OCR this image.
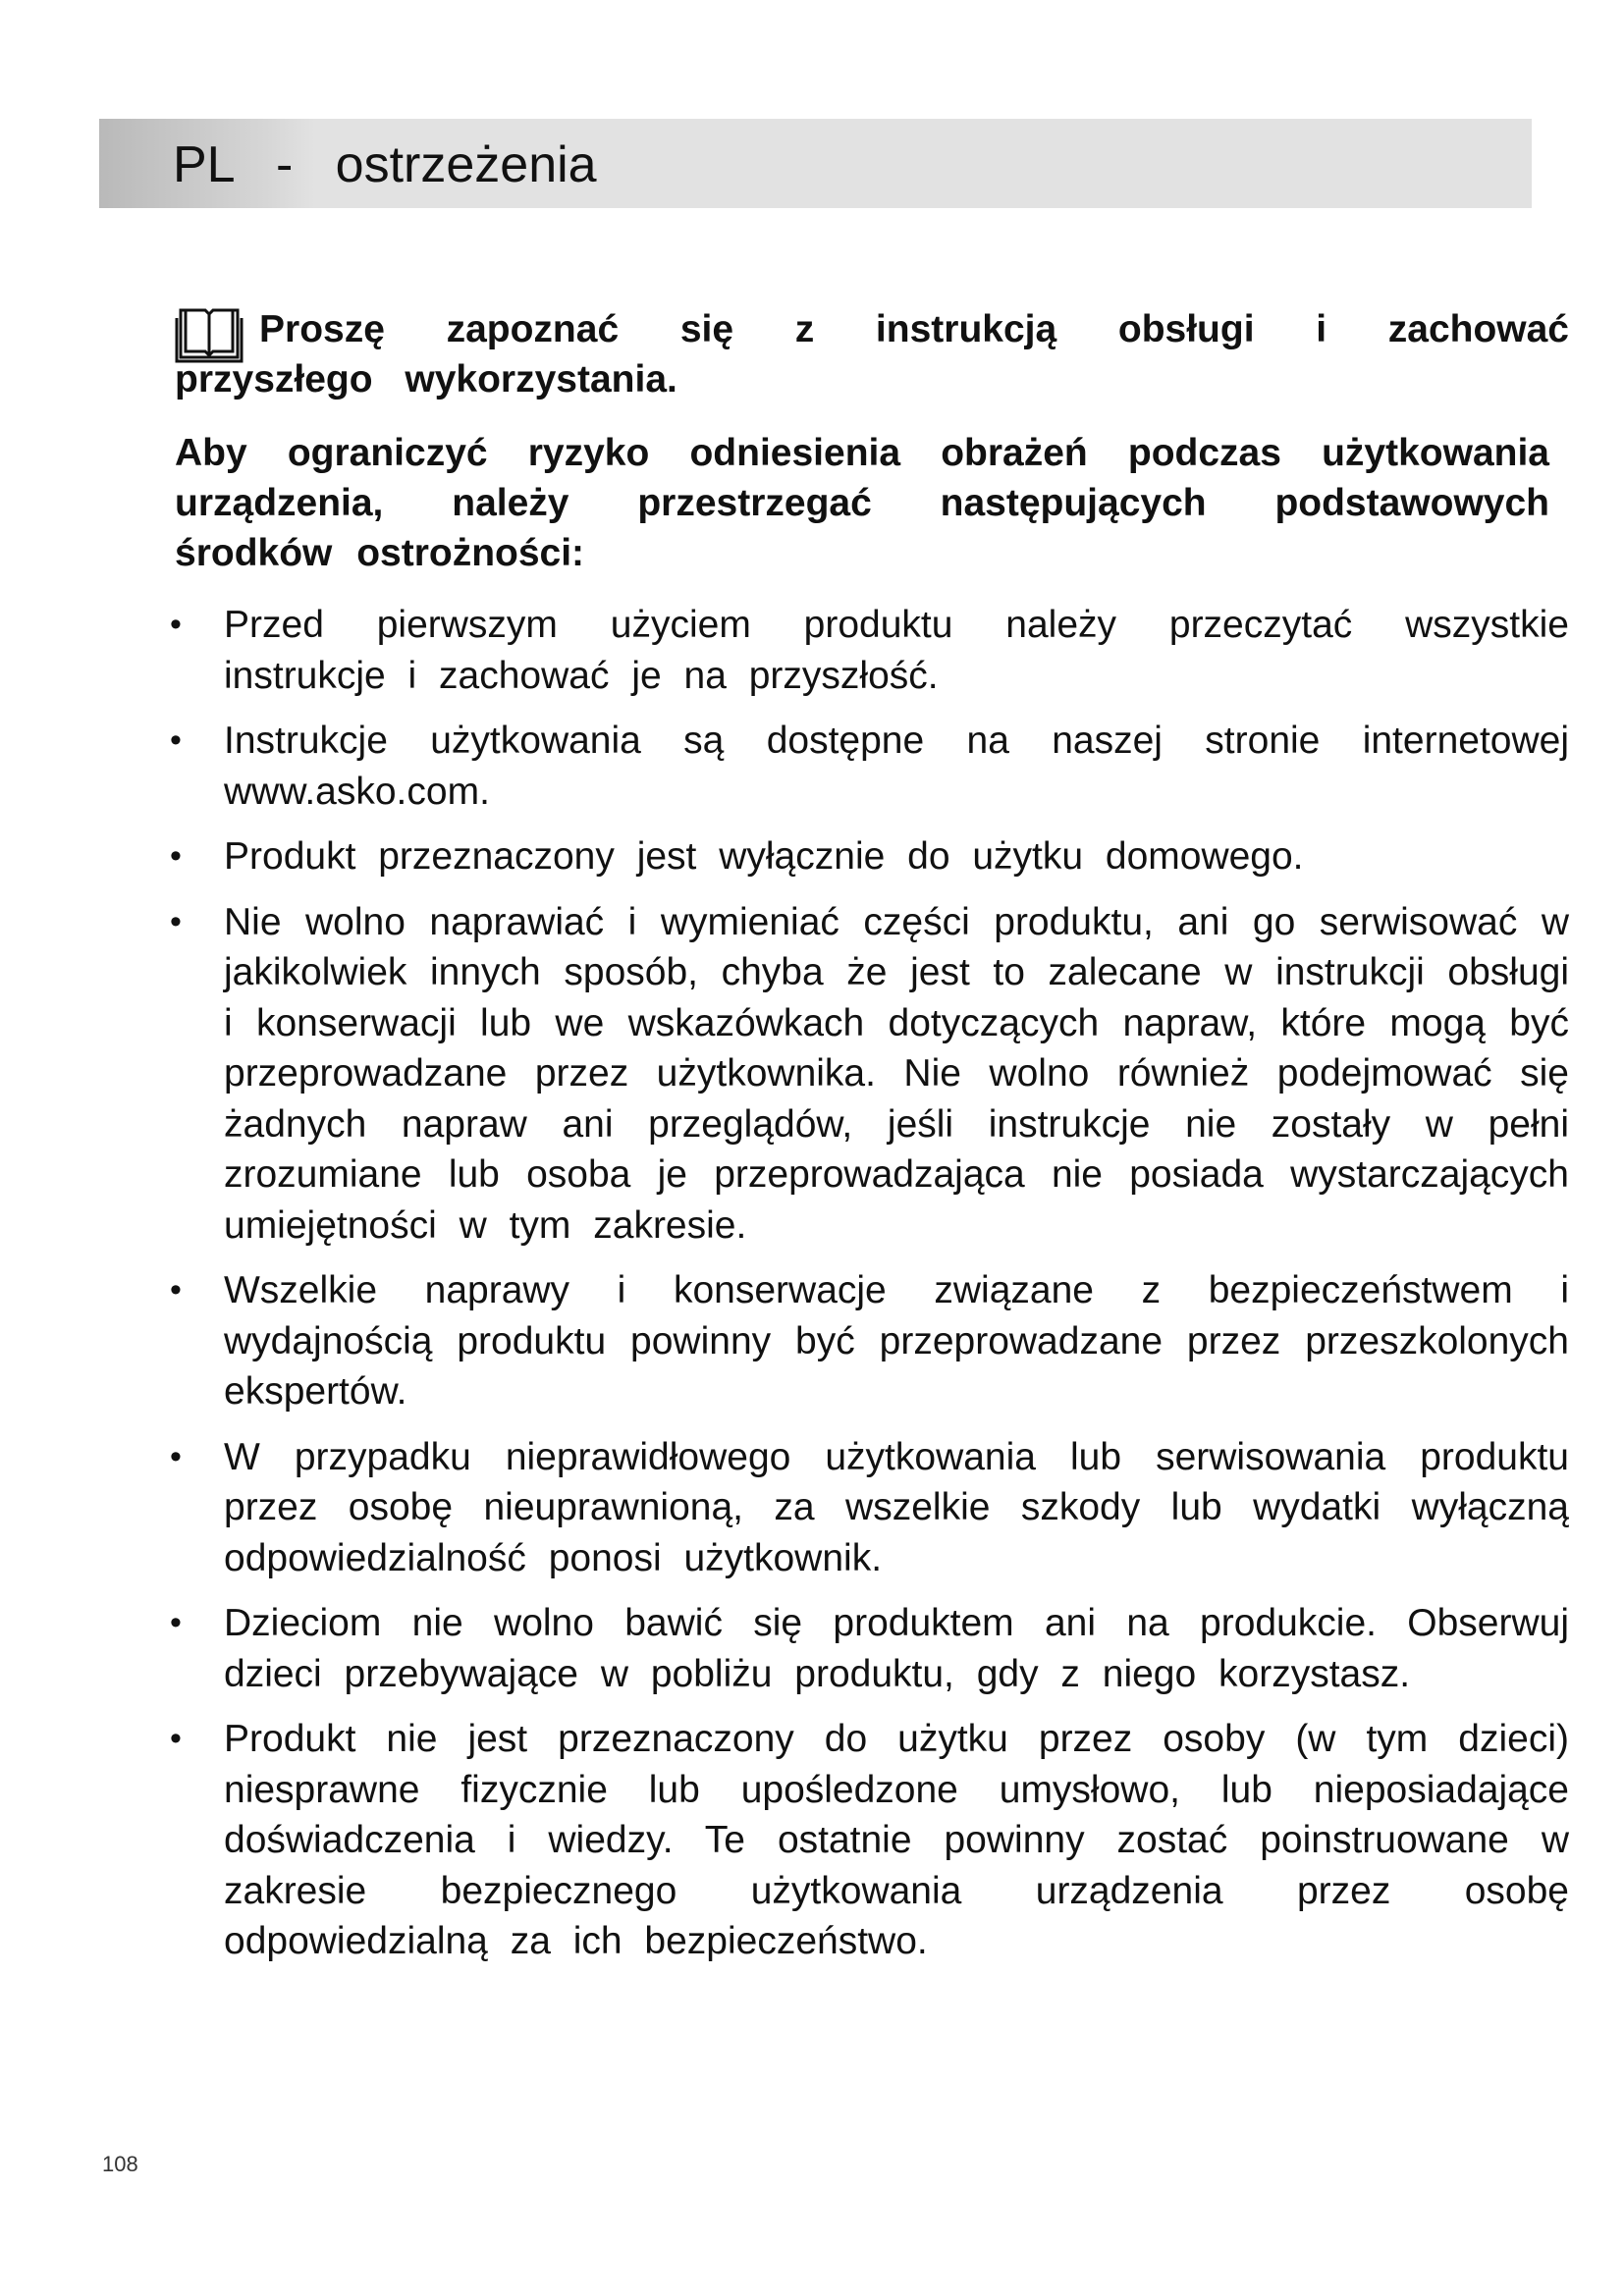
PL   -   ostrzeżenia

Proszę zapoznać się z instrukcją obsługi i zachować

przyszłego wykorzystania.

Aby ograniczyć ryzyko odniesienia obrażeń podczas użytkowania urządzenia, należy przestrzegać następujących podstawowych środków ostrożności:

• Przed pierwszym użyciem produktu należy przeczytać wszystkie instrukcje i zachować je na przyszłość.
• Instrukcje użytkowania są dostępne na naszej stronie internetowej www.asko.com.
• Produkt przeznaczony jest wyłącznie do użytku domowego.
• Nie wolno naprawiać i wymieniać części produktu, ani go serwisować w jakikolwiek innych sposób, chyba że jest to zalecane w instrukcji obsługi i konserwacji lub we wskazówkach dotyczących napraw, które mogą być przeprowadzane przez użytkownika. Nie wolno również podejmować się żadnych napraw ani przeglądów, jeśli instrukcje nie zostały w pełni zrozumiane lub osoba je przeprowadzająca nie posiada wystarczających umiejętności w tym zakresie.
• Wszelkie naprawy i konserwacje związane z bezpieczeństwem i wydajnością produktu powinny być przeprowadzane przez przeszkolonych ekspertów.
• W przypadku nieprawidłowego użytkowania lub serwisowania produktu przez osobę nieuprawnioną, za wszelkie szkody lub wydatki wyłączną odpowiedzialność ponosi użytkownik.
• Dzieciom nie wolno bawić się produktem ani na produkcie. Obserwuj dzieci przebywające w pobliżu produktu, gdy z niego korzystasz.
• Produkt nie jest przeznaczony do użytku przez osoby (w tym dzieci) niesprawne fizycznie lub upośledzone umysłowo, lub nieposiadające doświadczenia i wiedzy. Te ostatnie powinny zostać poinstruowane w zakresie bezpiecznego użytkowania urządzenia przez osobę odpowiedzialną za ich bezpieczeństwo.
108
